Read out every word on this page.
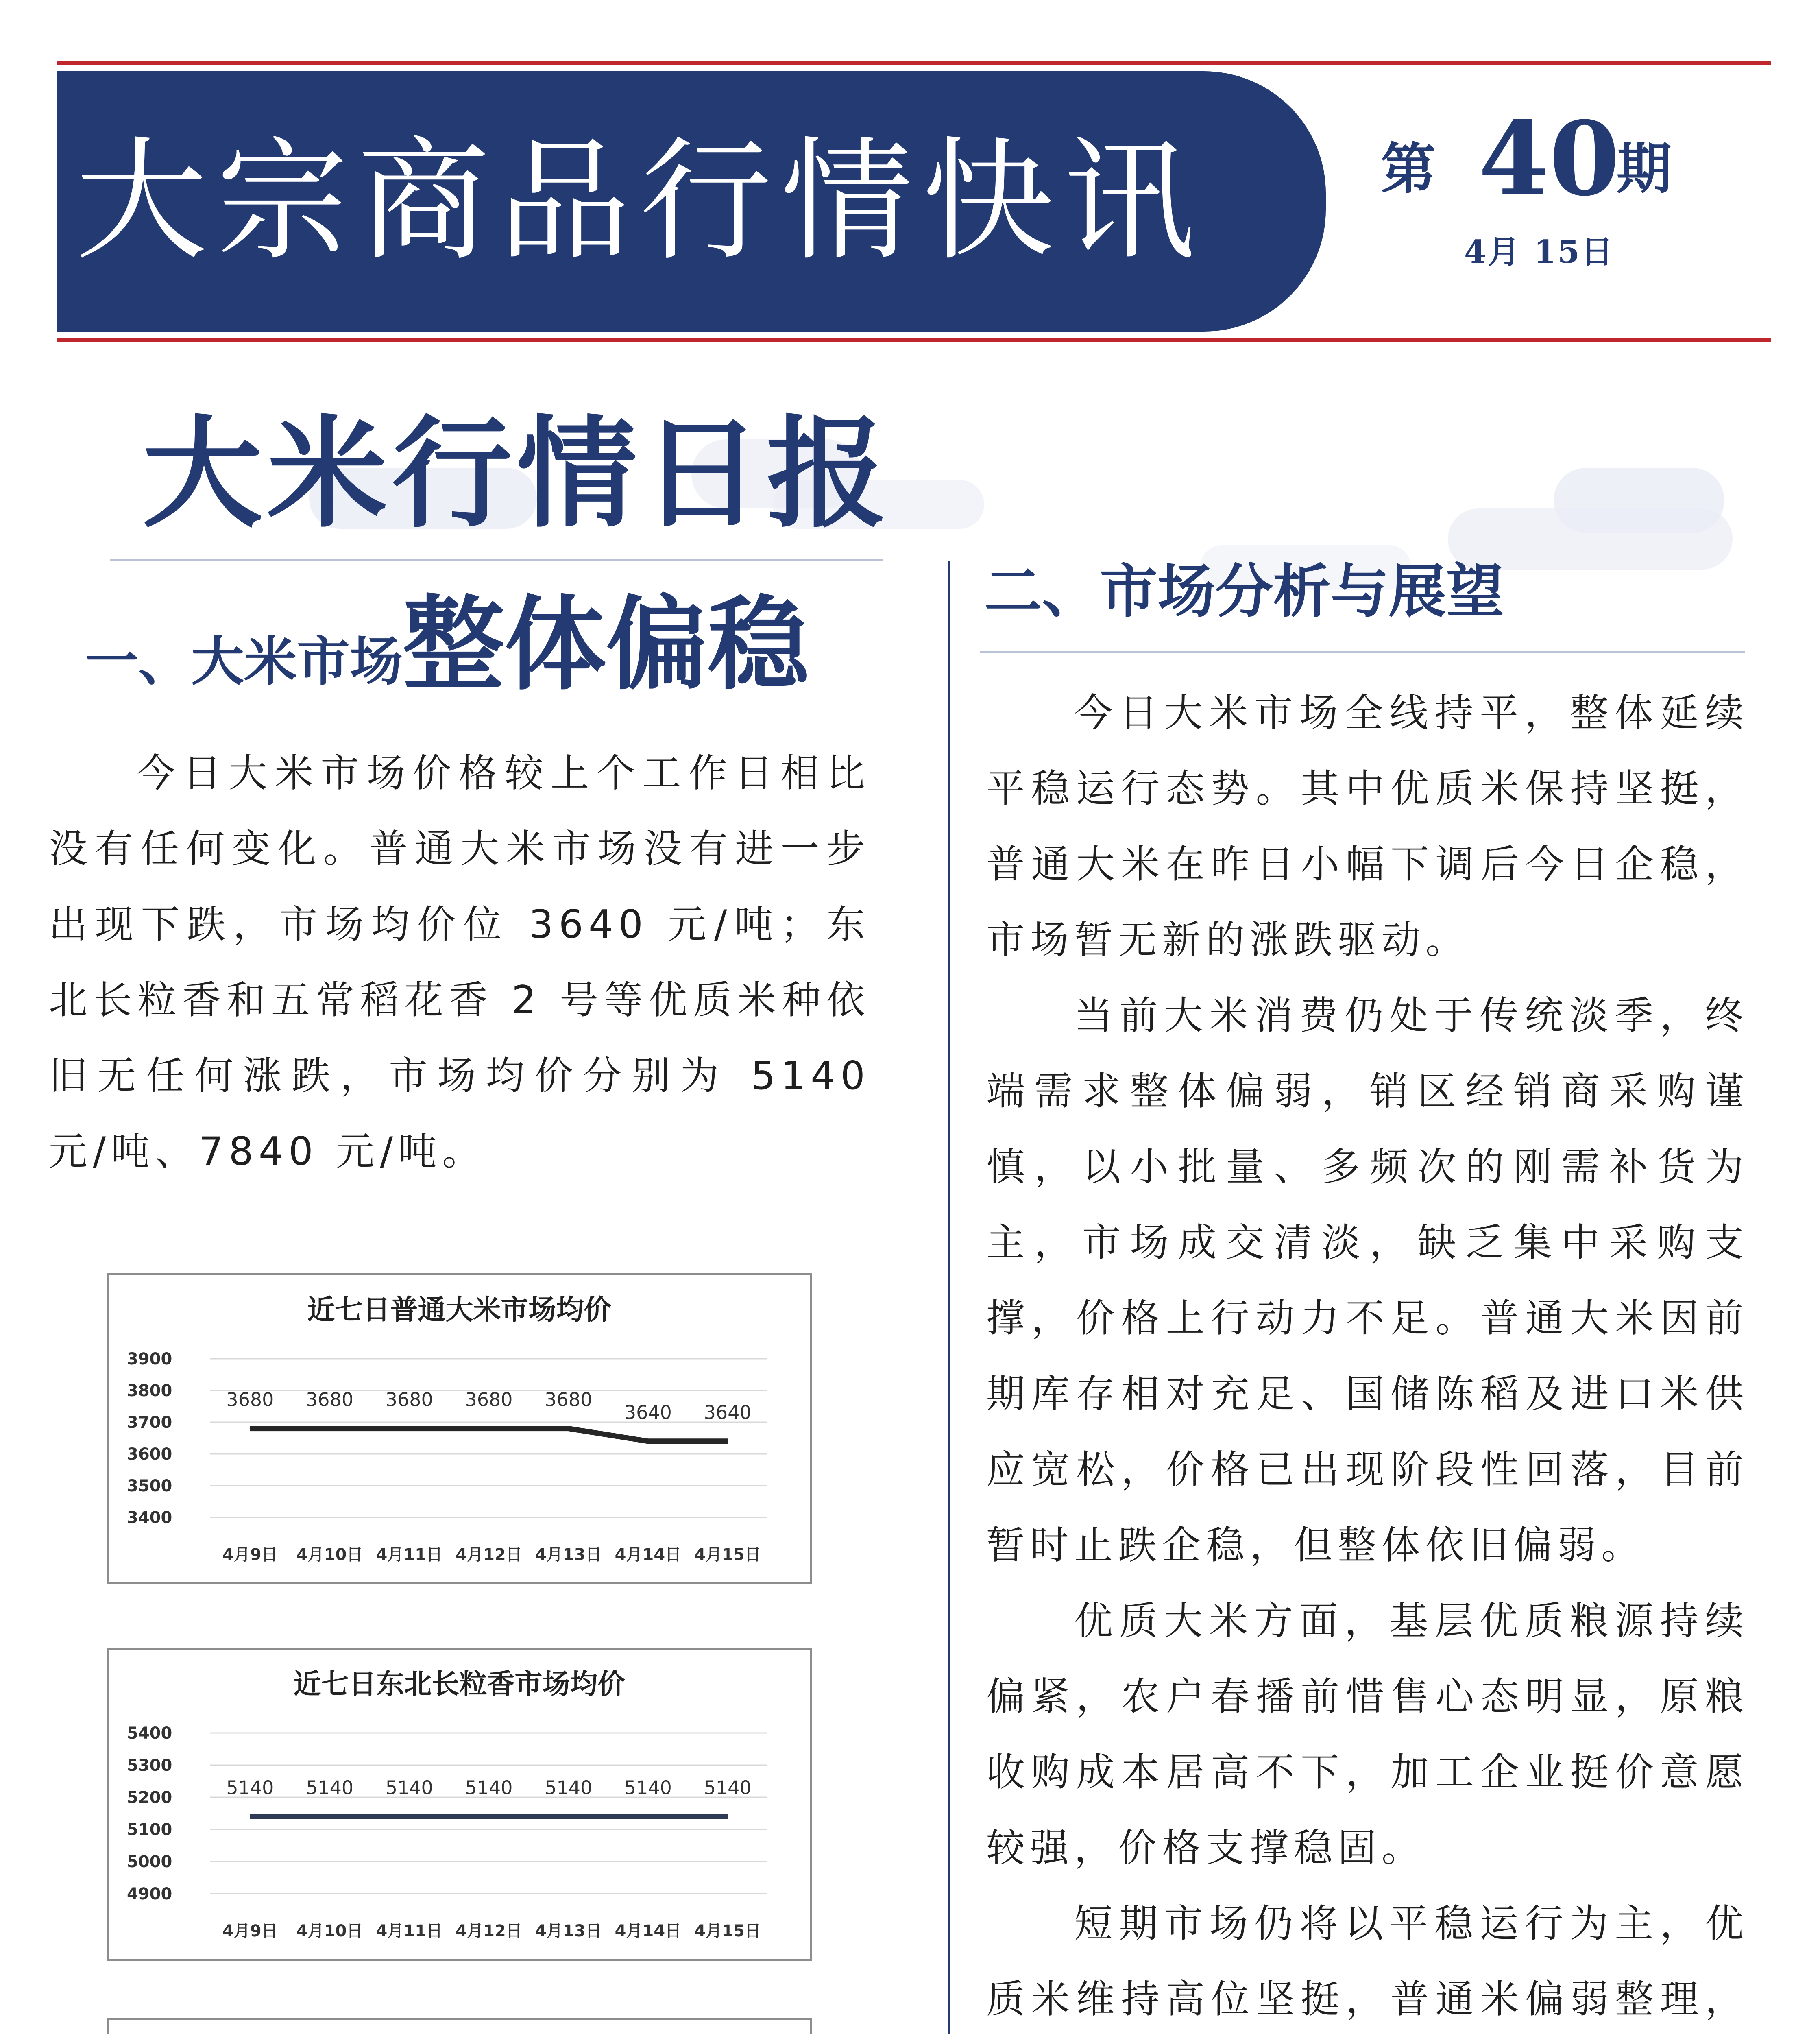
大宗商品行情快讯	第 40
期
4月 15日
大米行情日报
一、大米市场整体偏稳

今日大米市场价格较上个工作日相比没有任何变化。普通大米市场没有进一步出现下跌，市场均价位 3640 元/吨；东北长粒香和五常稻花香 2 号等优质米种依旧无任何涨跌，市场均价分别为 5140 元/吨、7840 元/吨。

近七日普通大米市场均价
3400
3500
3600
3700
3800
3900
4月9日 4月10日 4月11日 4月12日 4月13日 4月14日 4月15日
3680 3680 3680 3680 3680
3640 3640
近七日东北长粒香市场均价
4900
5000
5100
5200
5300
5400
4月9日 4月10日 4月11日 4月12日 4月13日 4月14日 4月15日
5140 5140 5140 5140 5140 5140 5140
二、市场分析与展望

今日大米市场全线持平，整体延续平稳运行态势。其中优质米保持坚挺，普通大米在昨日小幅下调后今日企稳，市场暂无新的涨跌驱动。

当前大米消费仍处于传统淡季，终端需求整体偏弱，销区经销商采购谨慎，以小批量、多频次的刚需补货为主，市场成交清淡，缺乏集中采购支撑，价格上行动力不足。普通大米因前期库存相对充足、国储陈稻及进口米供应宽松，价格已出现阶段性回落，目前暂时止跌企稳，但整体依旧偏弱。

优质大米方面，基层优质粮源持续偏紧，农户春播前惜售心态明显，原粮收购成本居高不下，加工企业挺价意愿较强，价格支撑稳固。

短期市场仍将以平稳运行为主，优质米维持高位坚挺，普通米偏弱整理，
